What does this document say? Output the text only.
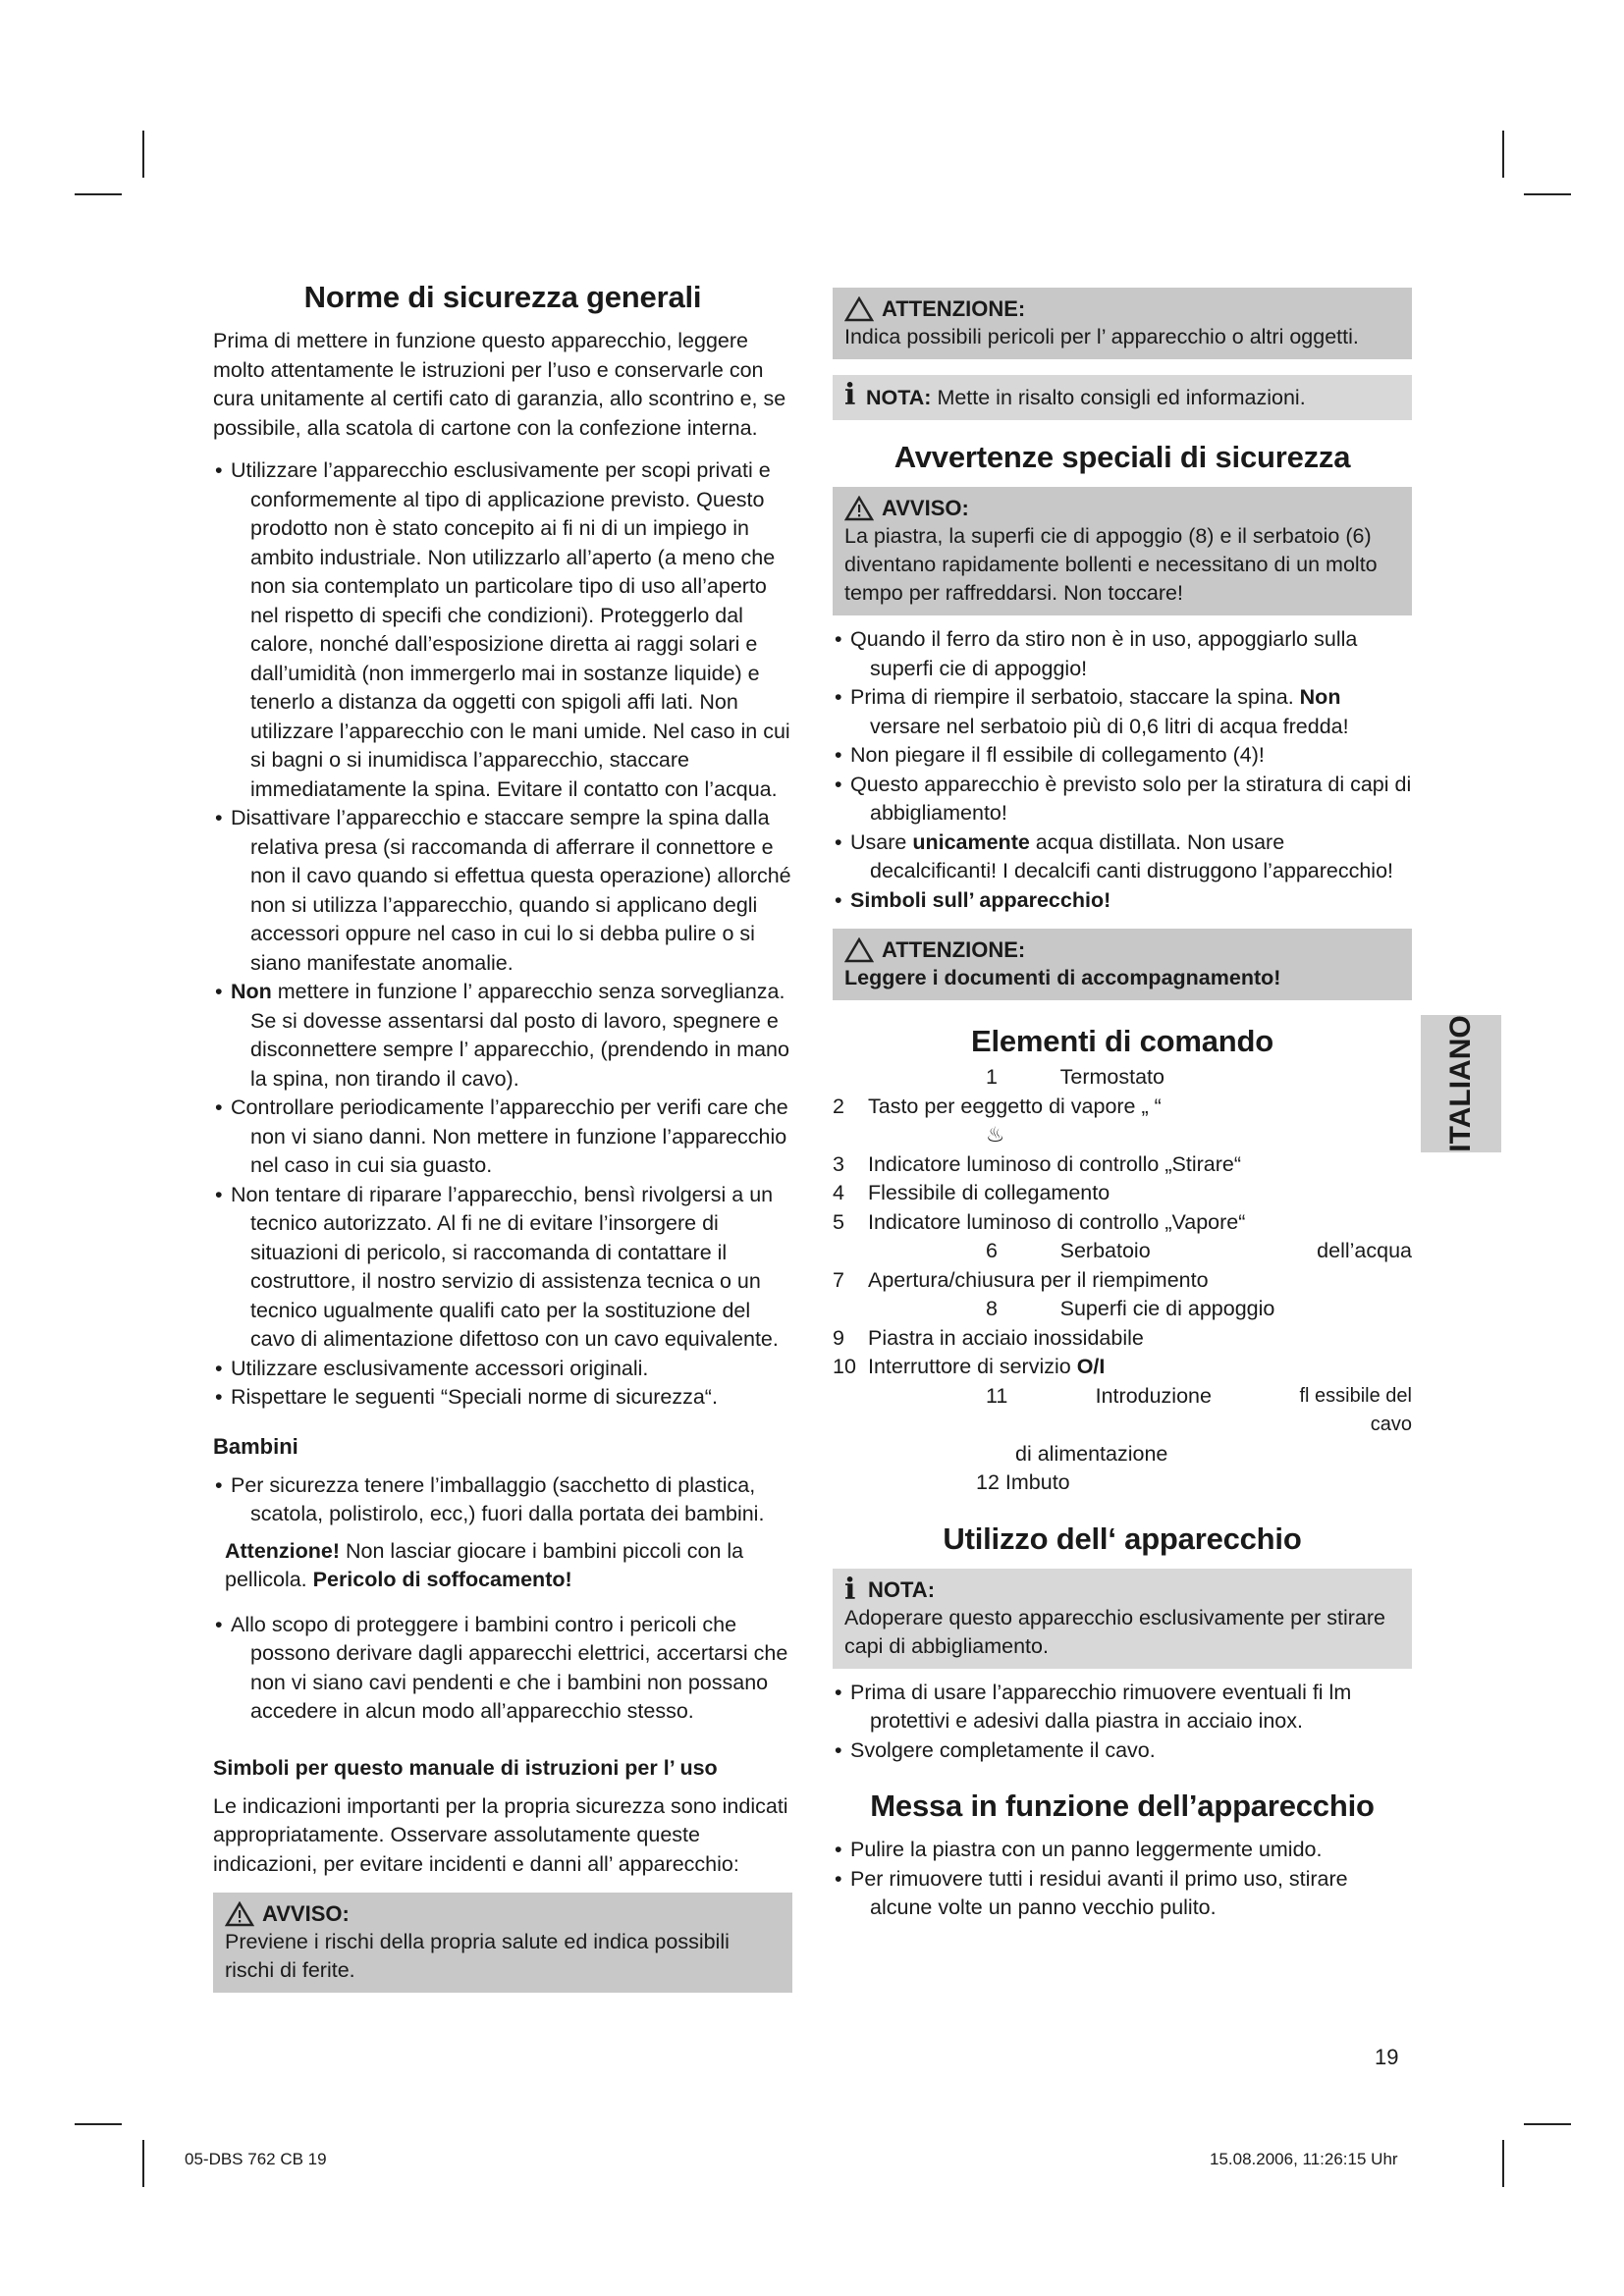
Norme di sicurezza generali

Prima di mettere in funzione questo apparecchio, leggere molto attentamente le istruzioni per l’uso e conservarle con cura unitamente al certifi cato di garanzia, allo scontrino e, se possibile, alla scatola di cartone con la confezione interna.

• Utilizzare l’apparecchio esclusivamente per scopi privati e conformemente al tipo di applicazione previsto. Questo prodotto non è stato concepito ai fi ni di un impiego in ambito industriale. Non utilizzarlo all’aperto (a meno che non sia contemplato un particolare tipo di uso all’aperto nel rispetto di specifi che condizioni). Proteggerlo dal calore, nonché dall’esposizione diretta ai raggi solari e dall’umidità (non immergerlo mai in sostanze liquide) e tenerlo a distanza da oggetti con spigoli affi lati. Non utilizzare l’apparecchio con le mani umide. Nel caso in cui si bagni o si inumidisca l’apparecchio, staccare immediatamente la spina. Evitare il contatto con l’acqua.
• Disattivare l’apparecchio e staccare sempre la spina dalla relativa presa (si raccomanda di afferrare il connettore e non il cavo quando si effettua questa operazione) allorché non si utilizza l’apparecchio, quando si applicano degli accessori oppure nel caso in cui lo si debba pulire o si siano manifestate anomalie.
• Non mettere in funzione l’ apparecchio senza sorveglianza. Se si dovesse assentarsi dal posto di lavoro, spegnere e disconnettere sempre l’ apparecchio, (prendendo in mano la spina, non tirando il cavo).
• Controllare periodicamente l’apparecchio per verifi care che non vi siano danni. Non mettere in funzione l’apparecchio nel caso in cui sia guasto.
• Non tentare di riparare l’apparecchio, bensì rivolgersi a un tecnico autorizzato. Al fi ne di evitare l’insorgere di situazioni di pericolo, si raccomanda di contattare il costruttore, il nostro servizio di assistenza tecnica o un tecnico ugualmente qualifi cato per la sostituzione del cavo di alimentazione difettoso con un cavo equivalente.
• Utilizzare esclusivamente accessori originali.
• Rispettare le seguenti “Speciali norme di sicurezza“.
Bambini
• Per sicurezza tenere l’imballaggio (sacchetto di plastica, scatola, polistirolo, ecc,) fuori dalla portata dei bambini.

Attenzione! Non lasciar giocare i bambini piccoli con la pellicola. Pericolo di soffocamento!

• Allo scopo di proteggere i bambini contro i pericoli che possono derivare dagli apparecchi elettrici, accertarsi che non vi siano cavi pendenti e che i bambini non possano accedere in alcun modo all’apparecchio stesso.
Simboli per questo manuale di istruzioni per l’ uso

Le indicazioni importanti per la propria sicurezza sono indicati appropriatamente. Osservare assolutamente queste indicazioni, per evitare incidenti e danni all’ apparecchio:

AVVISO:
Previene i rischi della propria salute ed indica possibili rischi di ferite.
ATTENZIONE:
Indica possibili pericoli per l’ apparecchio o altri oggetti.
i NOTA: Mette in risalto consigli ed informazioni.
Avvertenze speciali di sicurezza
AVVISO:
La piastra, la superfi cie di appoggio (8) e il serbatoio (6) diventano rapidamente bollenti e necessitano di un molto tempo per raffreddarsi. Non toccare!
• Quando il ferro da stiro non è in uso, appoggiarlo sulla superfi cie di appoggio!
• Prima di riempire il serbatoio, staccare la spina. Non versare nel serbatoio più di 0,6 litri di acqua fredda!
• Non piegare il fl essibile di collegamento (4)!
• Questo apparecchio è previsto solo per la stiratura di capi di abbigliamento!
• Usare unicamente acqua distillata. Non usare decalcificanti! I decalcifi canti distruggono l’apparecchio!
• Simboli sull’ apparecchio!
ATTENZIONE:
Leggere i documenti di accompagnamento!
Elementi di comando
	1	Termostato	
2	Tasto per eeggetto di vapore „ “ ♨		
3	Indicatore luminoso di controllo „Stirare“		
4	Flessibile di collegamento		
5	Indicatore luminoso di controllo „Vapore“		
	6	Serbatoio	dell’acqua
7	Apertura/chiusura per il riempimento		
	8	Superfi cie di appoggio	
9	Piastra in acciaio inossidabile		
10	Interruttore di servizio O/I		
	11	Introduzione	fl essibile del cavo
	di alimentazione		
	12 Imbuto		
Utilizzo dell‘ apparecchio
i NOTA:
Adoperare questo apparecchio esclusivamente per stirare capi di abbigliamento.
• Prima di usare l’apparecchio rimuovere eventuali fi lm protettivi e adesivi dalla piastra in acciaio inox.
• Svolgere completamente il cavo.
Messa in funzione dell’apparecchio
• Pulire la piastra con un panno leggermente umido.
• Per rimuovere tutti i residui avanti il primo uso, stirare alcune volte un panno vecchio pulito.
ITALIANO
19
05-DBS 762 CB 19	15.08.2006, 11:26:15 Uhr
